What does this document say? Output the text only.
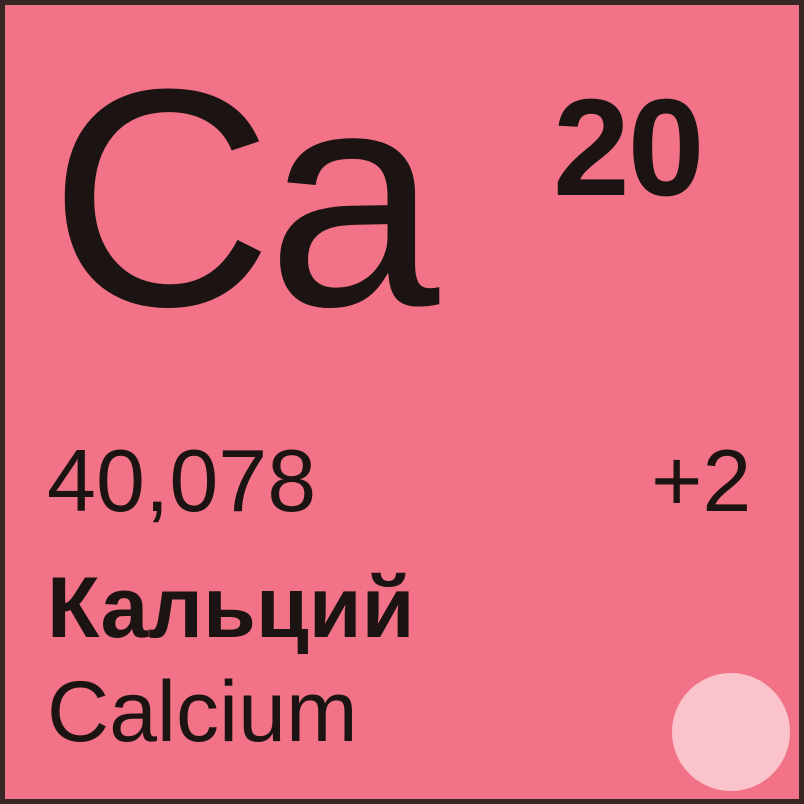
Ca 20
40,078	+2
Кальций
Calcium
